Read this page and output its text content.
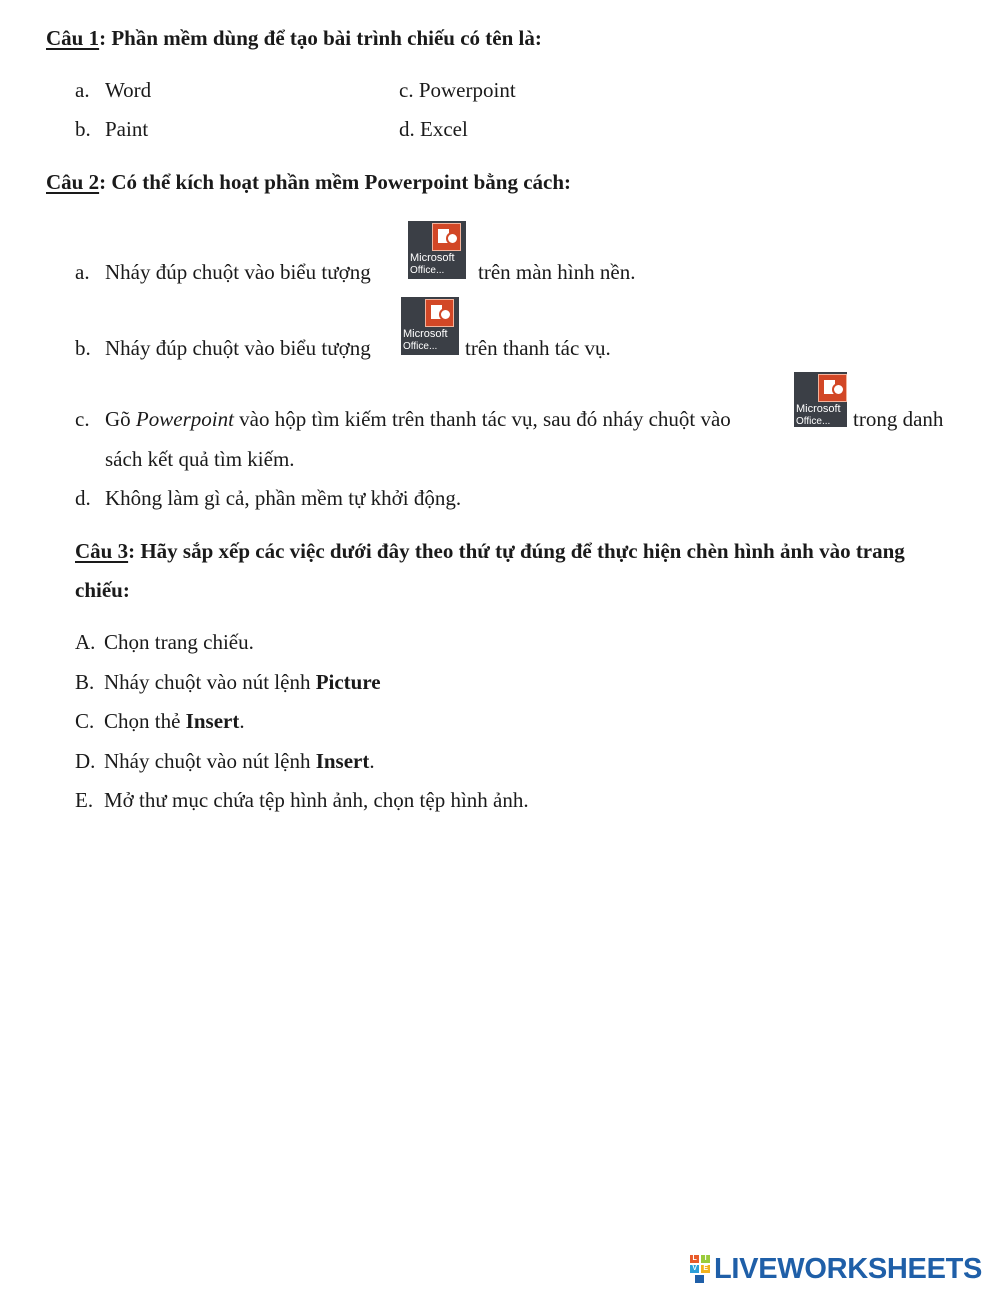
Câu 1: Phần mềm dùng để tạo bài trình chiếu có tên là:
a. Word
b. Paint
c. Powerpoint
d. Excel
Câu 2: Có thể kích hoạt phần mềm Powerpoint bằng cách:
a. Nháy đúp chuột vào biểu tượng
Microsoft
Office... trên màn hình nền.
b. Nháy đúp chuột vào biểu tượng
Microsoft
Office... trên thanh tác vụ.
c. Gõ Powerpoint vào hộp tìm kiếm trên thanh tác vụ, sau đó nháy chuột vào	Microsoft
Office... trong danh
sách kết quả tìm kiếm.
d. Không làm gì cả, phần mềm tự khởi động.
Câu 3: Hãy sắp xếp các việc dưới đây theo thứ tự đúng để thực hiện chèn hình ảnh vào trang
chiếu:
A. Chọn trang chiếu.
B. Nháy chuột vào nút lệnh Picture
C. Chọn thẻ Insert.
D. Nháy chuột vào nút lệnh Insert.
E. Mở thư mục chứa tệp hình ảnh, chọn tệp hình ảnh.
L	I
V E LIVEWORKSHEETS
